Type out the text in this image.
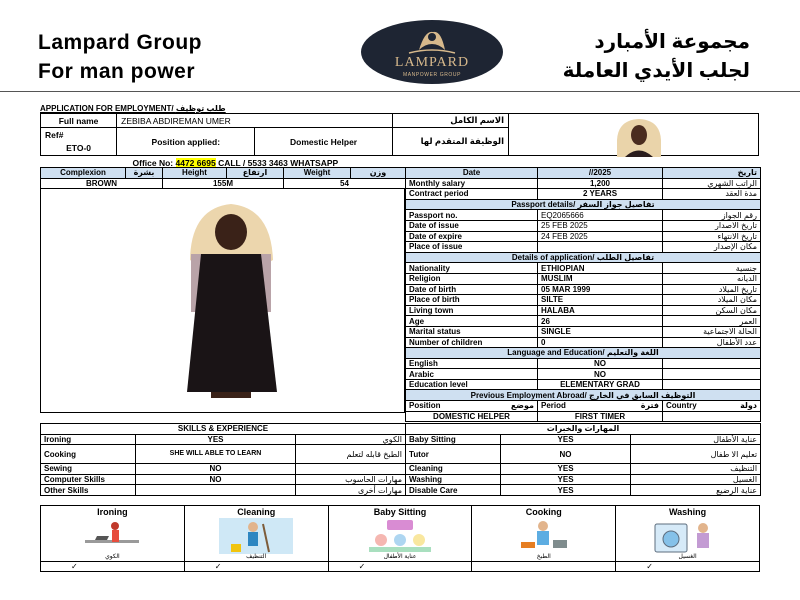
Lampard Group
For man power	LAMPARD
MANPOWER GROUP
مجموعة الأمبارد
لجلب الأيدي العاملة
APPLICATION FOR EMPLOYMENT/ طلب توظيف
Full name	ZEBIBA ABDIREMAN UMER		الاسم الكامل
Ref#	Position applied:	Domestic Helper	الوظيفة المتقدم لها
ETO-0			
Office No: 4472 6695 CALL / 5533 3463 WHATSAPP			
Complexion	بشرة	Height	ارتفاع	Weight	وزن
BROWN		155M		54	
Date	//2025	تاريخ
Monthly salary	1,200	الراتب الشهري
Contract period	2 YEARS	مدة العقد
Passport details/ تفاصيل جواز السفر		
Passport no.	EQ2065666	رقم الجواز
Date of issue	25 FEB 2025	تاريخ الاصدار
Date of expire	24 FEB 2025	تاريخ الانتهاء
Place of issue		مكان الإصدار
Details of application/ تفاصيل الطلب		
Nationality	ETHIOPIAN	جنسية
Religion	MUSLIM	الديانه
Date of birth	05 MAR 1999	تاريخ الميلاد
Place of birth	SILTE	مكان الميلاد
Living town	HALABA	مكان السكن
Age	26	العمر
Marital status	SINGLE	الحالة الاجتماعية
Number of children	0	عدد الأطفال
Language and Education/ اللغة والتعليم		
English	NO	
Arabic	NO	
Education level	ELEMENTARY GRAD	
Previous Employment Abroad/ التوظيف السابق في الخارج		
Position موضع	Period فترة	Country دولة

DOMESTIC HELPER	FIRST TIMER	
SKILLS & EXPERIENCE			المهارات والخبرات		
Ironing	YES	الكوي	Baby Sitting	YES	عناية الأطفال
Cooking	SHE WILL ABLE TO LEARN	الطبخ قابله لتعلم	Tutor	NO	تعليم الا طفال
Sewing	NO		Cleaning	YES	التنظيف
Computer Skills	NO	مهارات الحاسوب	Washing	YES	الغسيل
Other Skills		مهارات أخرى	Disable Care	YES	عناية الرضيع
Ironing
الكوي
✓

Cleaning
التنظيف
✓

Baby Sitting
عناية الأطفال
✓

Cooking
الطبخ

Washing
الغسيل
✓
